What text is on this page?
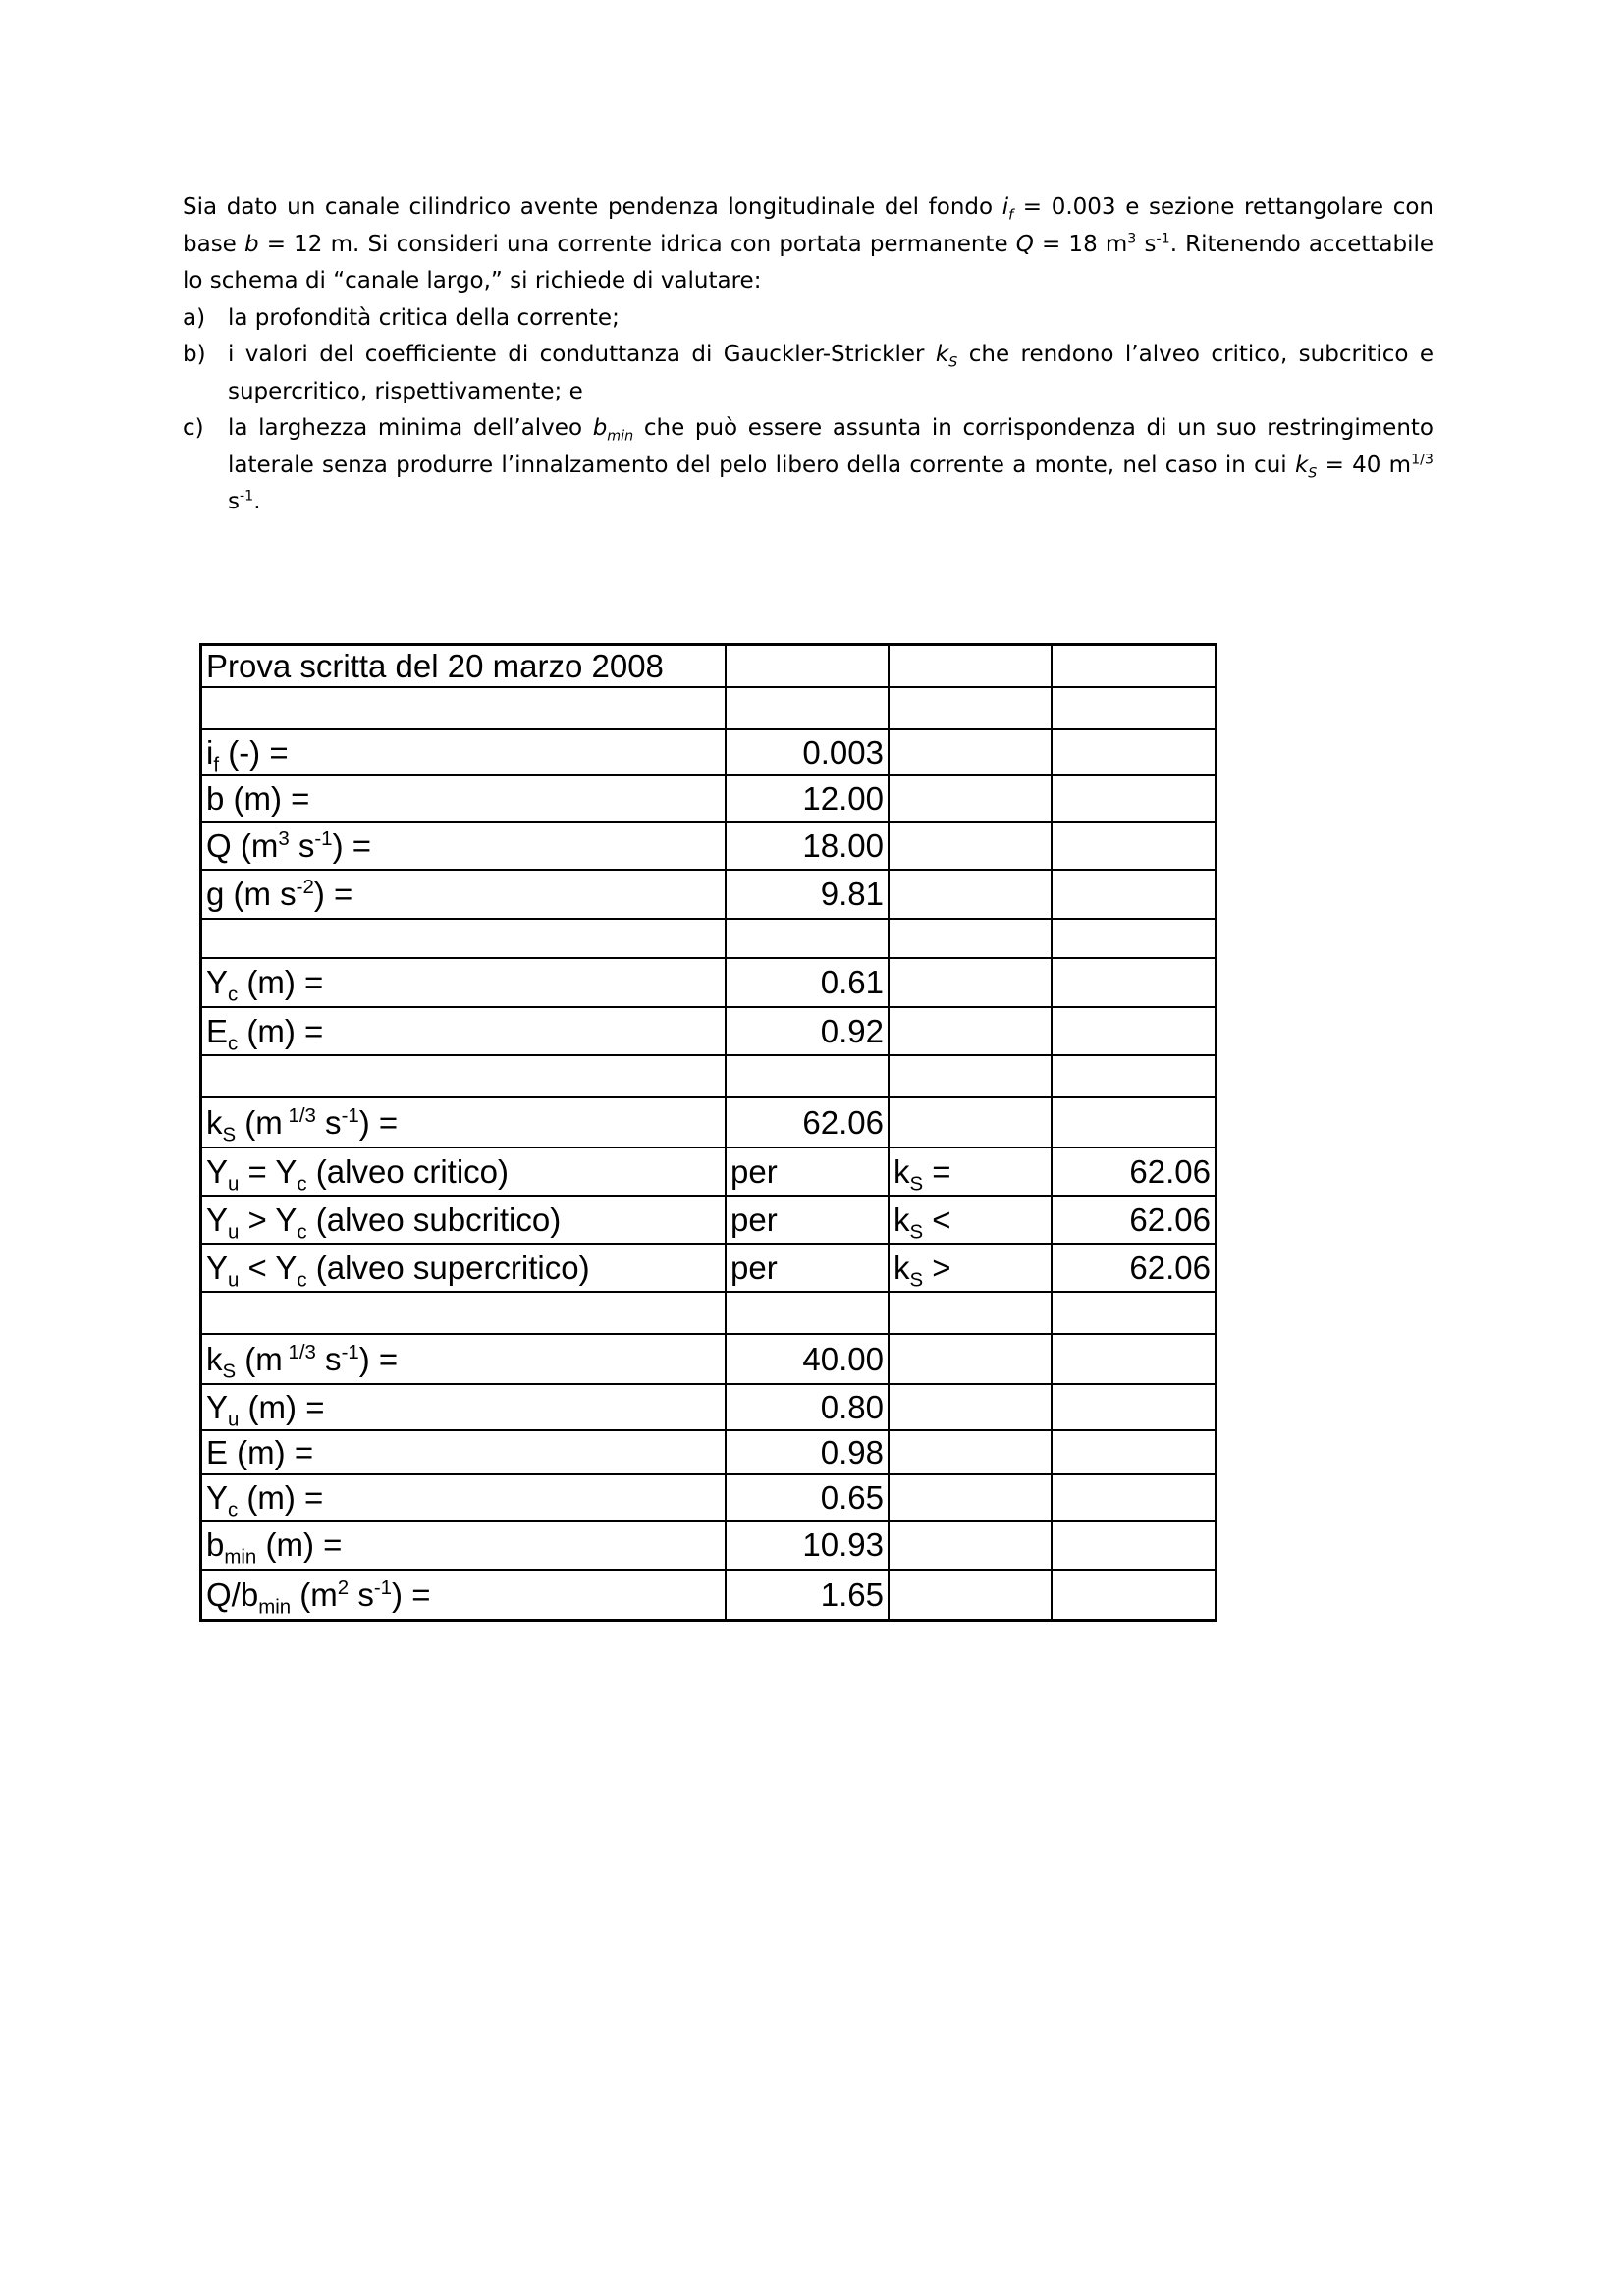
Sia dato un canale cilindrico avente pendenza longitudinale del fondo $i_f = 0.003$ e sezione rettangolare con base b = 12 m. Si consideri una corrente idrica con portata permanente Q = 18 $m^3$ $s^{-1}$. Ritenendo accettabile lo schema di “canale largo,” si richiede di valutare:

a) la profondità critica della corrente;
b) i valori del coefficiente di conduttanza di Gauckler-Strickler $k_S$ che rendono l’alveo critico, subcritico e supercritico, rispettivamente; e
c)	la larghezza minima dell’alveo $b_{min}$ che può essere assunta in corrispondenza di un suo restringimento laterale senza produrre l’innalzamento del pelo libero della corrente a monte, nel caso in cui $k_S = 40$ $m^{1/3}$ $s^{-1}$.
Prova scritta del 20 marzo 2008			

$i_f$ (-) =	0.003		
b (m) =	12.00		
Q ($m^3$ $s^{-1}$) =	18.00		
g (m $s^{-2}$) =	9.81		

$Y_c$ (m) =	0.61		
$E_c$ (m) =	0.92		

$k_S$ (m $^{1/3}$ $s^{-1}$) =	62.06		
$Y_u = Y_c$ (alveo critico)	per	$k_S$ =	62.06
$Y_u > Y_c$ (alveo subcritico)	per	$k_S$ <	62.06
$Y_u < Y_c$ (alveo supercritico)	per	$k_S$ >	62.06

$k_S$ (m $^{1/3}$ $s^{-1}$) =	40.00		
$Y_u$ (m) =	0.80		
E (m) =	0.98		
$Y_c$ (m) =	0.65		
$b_{min}$ (m) =	10.93		
$Q/b_{min}$ ($m^2$ $s^{-1}$) =	1.65		
